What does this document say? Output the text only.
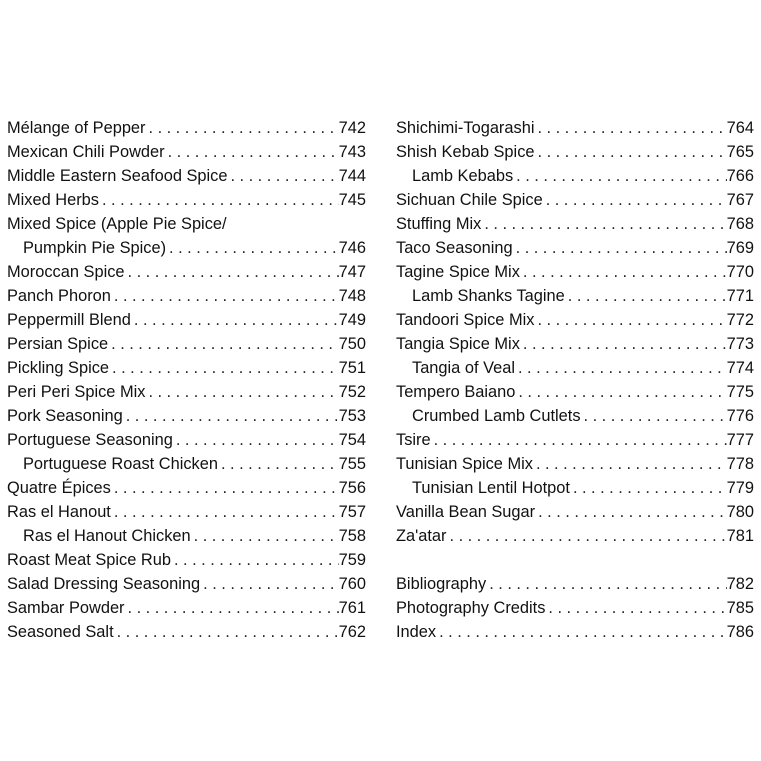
Mélange of Pepper .....	742
Mexican Chili Powder .....	743
Middle Eastern Seafood Spice .....	744
Mixed Herbs .....	745
Mixed Spice (Apple Pie Spice/
Pumpkin Pie Spice) .....	746
Moroccan Spice .....	747
Panch Phoron .....	748
Peppermill Blend .....	749
Persian Spice .....	750
Pickling Spice .....	751
Peri Peri Spice Mix .....	752
Pork Seasoning .....	753
Portuguese Seasoning .....	754
Portuguese Roast Chicken .....	755
Quatre Épices .....	756
Ras el Hanout .....	757
Ras el Hanout Chicken .....	758
Roast Meat Spice Rub .....	759
Salad Dressing Seasoning .....	760
Sambar Powder .....	761
Seasoned Salt .....	762
Shichimi-Togarashi .....	764
Shish Kebab Spice .....	765
Lamb Kebabs .....	766
Sichuan Chile Spice .....	767
Stuffing Mix .....	768
Taco Seasoning .....	769
Tagine Spice Mix .....	770
Lamb Shanks Tagine .....	771
Tandoori Spice Mix .....	772
Tangia Spice Mix .....	773
Tangia of Veal .....	774
Tempero Baiano .....	775
Crumbed Lamb Cutlets .....	776
Tsire .....	777
Tunisian Spice Mix .....	778
Tunisian Lentil Hotpot .....	779
Vanilla Bean Sugar .....	780
Za'atar .....	781
Bibliography .....	782
Photography Credits .....	785
Index .....	786
